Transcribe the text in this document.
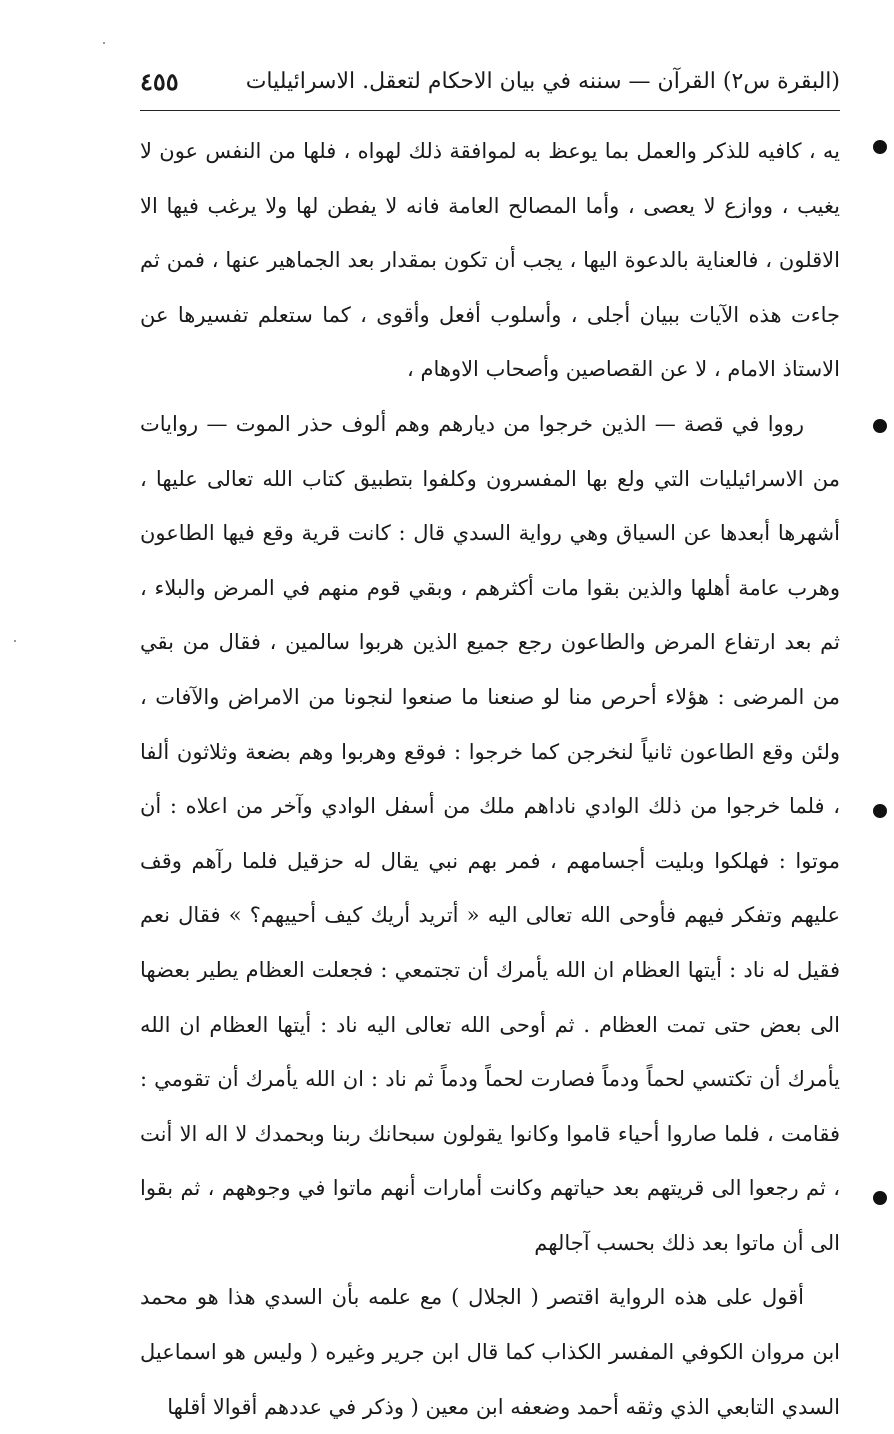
(البقرة س٢) القرآن — سننه في بيان الاحكام لتعقل. الاسرائيليات
٤٥٥

يه ، كافيه للذكر والعمل بما يوعظ به لموافقة ذلك لهواه ، فلها من النفس عون لا يغيب ، ووازع لا يعصى ، وأما المصالح العامة فانه لا يفطن لها ولا يرغب فيها الا الاقلون ، فالعناية بالدعوة اليها ، يجب أن تكون بمقدار بعد الجماهير عنها ، فمن ثم جاءت هذه الآيات ببيان أجلى ، وأسلوب أفعل وأقوى ، كما ستعلم تفسيرها عن الاستاذ الامام ، لا عن القصاصين وأصحاب الاوهام ،

رووا في قصة — الذين خرجوا من ديارهم وهم ألوف حذر الموت — روايات من الاسرائيليات التي ولع بها المفسرون وكلفوا بتطبيق كتاب الله تعالى عليها ، أشهرها أبعدها عن السياق وهي رواية السدي قال : كانت قرية وقع فيها الطاعون وهرب عامة أهلها والذين بقوا مات أكثرهم ، وبقي قوم منهم في المرض والبلاء ، ثم بعد ارتفاع المرض والطاعون رجع جميع الذين هربوا سالمين ، فقال من بقي من المرضى : هؤلاء أحرص منا لو صنعنا ما صنعوا لنجونا من الامراض والآفات ، ولئن وقع الطاعون ثانياً لنخرجن كما خرجوا : فوقع وهربوا وهم بضعة وثلاثون ألفا ، فلما خرجوا من ذلك الوادي ناداهم ملك من أسفل الوادي وآخر من اعلاه : أن موتوا : فهلكوا وبليت أجسامهم ، فمر بهم نبي يقال له حزقيل فلما رآهم وقف عليهم وتفكر فيهم فأوحى الله تعالى اليه « أتريد أريك كيف أحييهم؟ » فقال نعم فقيل له ناد : أيتها العظام ان الله يأمرك أن تجتمعي : فجعلت العظام يطير بعضها الى بعض حتى تمت العظام . ثم أوحى الله تعالى اليه ناد : أيتها العظام ان الله يأمرك أن تكتسي لحماً ودماً فصارت لحماً ودماً ثم ناد : ان الله يأمرك أن تقومي : فقامت ، فلما صاروا أحياء قاموا وكانوا يقولون سبحانك ربنا وبحمدك لا اله الا أنت ، ثم رجعوا الى قريتهم بعد حياتهم وكانت أمارات أنهم ماتوا في وجوههم ، ثم بقوا الى أن ماتوا بعد ذلك بحسب آجالهم

أقول على هذه الرواية اقتصر ( الجلال ) مع علمه بأن السدي هذا هو محمد ابن مروان الكوفي المفسر الكذاب كما قال ابن جرير وغيره ( وليس هو اسماعيل السدي التابعي الذي وثقه أحمد وضعفه ابن معين ( وذكر في عددهم أقوالا أقلها
